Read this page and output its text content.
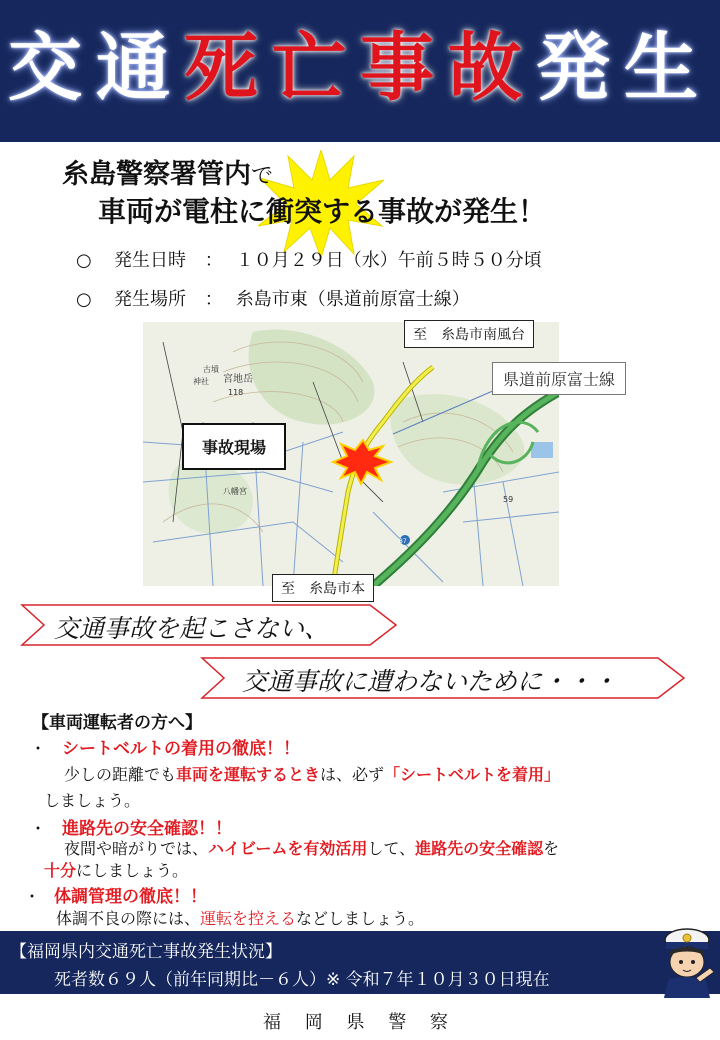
交通死亡事故発生
糸島警察署管内で
車両が電柱に衝突する事故が発生！
○ 発生日時 ： １０月２９日（水）午前５時５０分頃
○ 発生場所 ： 糸島市東（県道前原富士線）
87
宮地岳
118
神社
古墳
八幡宮
59
至　糸島市南風台
県道前原富士線
事故現場
至　糸島市本
交通事故を起こさない、
交通事故に遭わないために・・・
【車両運転者の方へ】
・ シートベルトの着用の徹底！！
少しの距離でも車両を運転するときは、必ず「シートベルトを着用」
しましょう。
・ 進路先の安全確認！！
夜間や暗がりでは、ハイビームを有効活用して、進路先の安全確認を
十分にしましょう。
・ 体調管理の徹底！！
体調不良の際には、運転を控えるなどしましょう。
【福岡県内交通死亡事故発生状況】
死者数６９人（前年同期比－６人）※ 令和７年１０月３０日現在
福 岡 県 警 察
